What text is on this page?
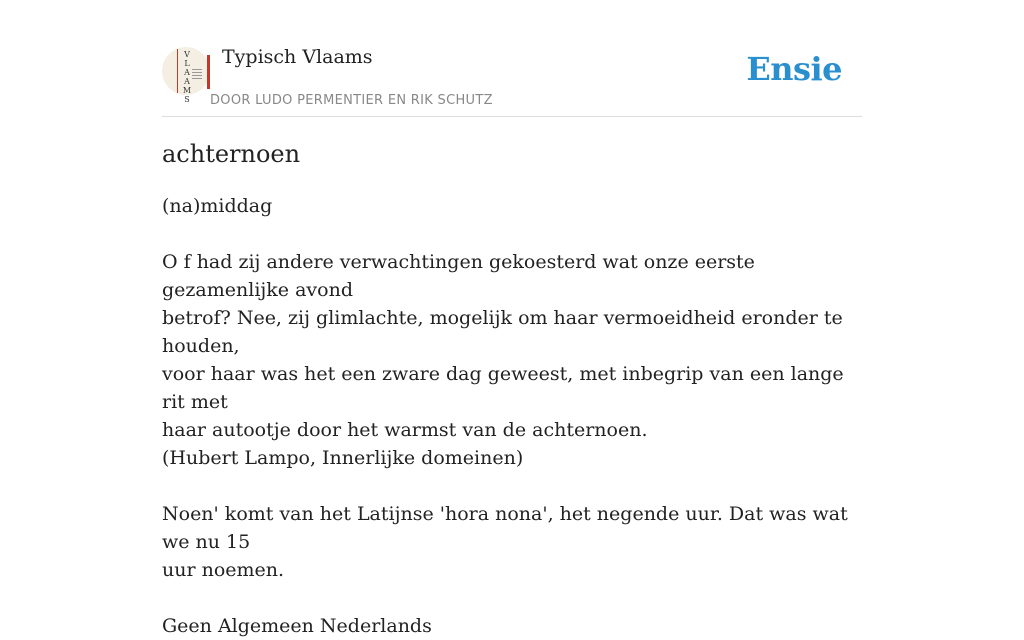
V
L
A
A
M
S
Typisch Vlaams
DOOR LUDO PERMENTIER EN RIK SCHUTZ
Ensie
achternoen

(na)middag

O f had zij andere verwachtingen gekoesterd wat onze eerste gezamenlijke avond

betrof? Nee, zij glimlachte, mogelijk om haar vermoeidheid eronder te houden,

voor haar was het een zware dag geweest, met inbegrip van een lange rit met

haar autootje door het warmst van de achternoen.

(Hubert Lampo, Innerlijke domeinen)

Noen' komt van het Latijnse 'hora nona', het negende uur. Dat was wat we nu 15

uur noemen.

Geen Algemeen Nederlands
